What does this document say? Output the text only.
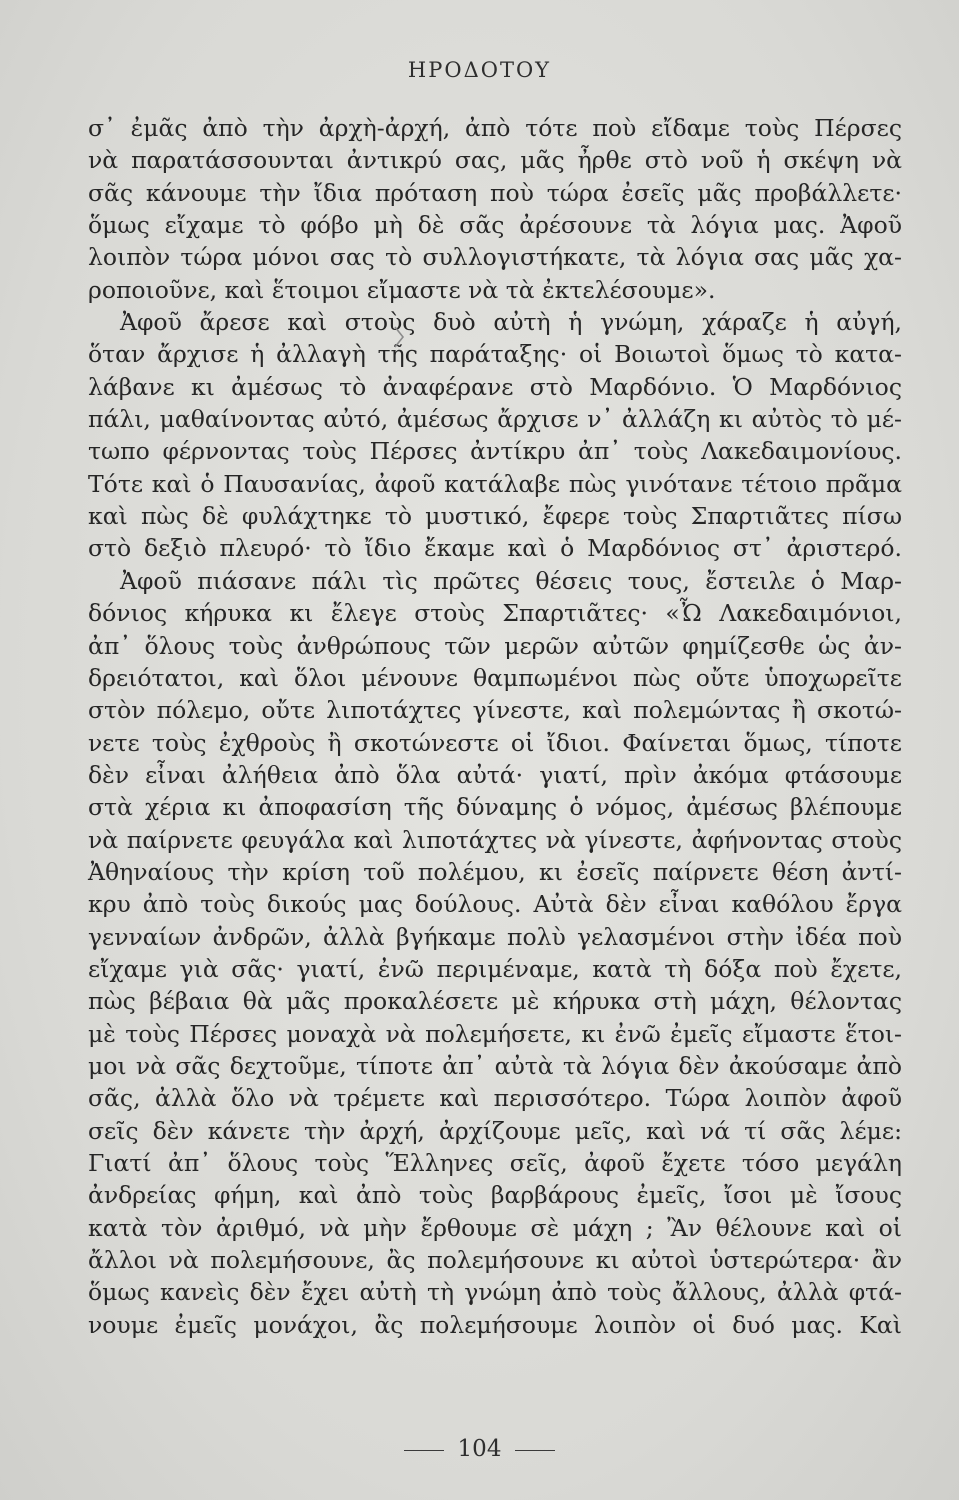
ΗΡΟΔΟΤΟΥ
σ᾿ ἐμᾶς ἀπὸ τὴν ἀρχὴ-ἀρχή, ἀπὸ τότε ποὺ εἴδαμε τοὺς Πέρσες
νὰ παρατάσσουνται ἀντικρύ σας, μᾶς ἦρθε στὸ νοῦ ἡ σκέψη νὰ
σᾶς κάνουμε τὴν ἴδια πρόταση ποὺ τώρα ἐσεῖς μᾶς προβάλλετε·
ὅμως εἴχαμε τὸ φόβο μὴ δὲ σᾶς ἀρέσουνε τὰ λόγια μας. Ἀφοῦ
λοιπὸν τώρα μόνοι σας τὸ συλλογιστήκατε, τὰ λόγια σας μᾶς χα-
ροποιοῦνε, καὶ ἕτοιμοι εἴμαστε νὰ τὰ ἐκτελέσουμε».
Ἀφοῦ ἄρεσε καὶ στοὺς δυὸ αὐτὴ ἡ γνώμη, χάραζε ἡ αὐγή,
ὅταν ἄρχισε ἡ ἀλλαγὴ τῆς παράταξης· οἱ Βοιωτοὶ ὅμως τὸ κατα-
λάβανε κι ἀμέσως τὸ ἀναφέρανε στὸ Μαρδόνιο. Ὁ Μαρδόνιος
πάλι, μαθαίνοντας αὐτό, ἀμέσως ἄρχισε ν᾿ ἀλλάζη κι αὐτὸς τὸ μέ-
τωπο φέρνοντας τοὺς Πέρσες ἀντίκρυ ἀπ᾿ τοὺς Λακεδαιμονίους.
Τότε καὶ ὁ Παυσανίας, ἀφοῦ κατάλαβε πὼς γινότανε τέτοιο πρᾶμα
καὶ πὼς δὲ φυλάχτηκε τὸ μυστικό, ἔφερε τοὺς Σπαρτιᾶτες πίσω
στὸ δεξιὸ πλευρό· τὸ ἴδιο ἔκαμε καὶ ὁ Μαρδόνιος στ᾿ ἀριστερό.
Ἀφοῦ πιάσανε πάλι τὶς πρῶτες θέσεις τους, ἔστειλε ὁ Μαρ-
δόνιος κήρυκα κι ἔλεγε στοὺς Σπαρτιᾶτες· «Ὦ Λακεδαιμόνιοι,
ἀπ᾿ ὅλους τοὺς ἀνθρώπους τῶν μερῶν αὐτῶν φημίζεσθε ὡς ἀν-
δρειότατοι, καὶ ὅλοι μένουνε θαμπωμένοι πὼς οὔτε ὑποχωρεῖτε
στὸν πόλεμο, οὔτε λιποτάχτες γίνεστε, καὶ πολεμώντας ἢ σκοτώ-
νετε τοὺς ἐχθροὺς ἢ σκοτώνεστε οἱ ἴδιοι. Φαίνεται ὅμως, τίποτε
δὲν εἶναι ἀλήθεια ἀπὸ ὅλα αὐτά· γιατί, πρὶν ἀκόμα φτάσουμε
στὰ χέρια κι ἀποφασίση τῆς δύναμης ὁ νόμος, ἀμέσως βλέπουμε
νὰ παίρνετε φευγάλα καὶ λιποτάχτες νὰ γίνεστε, ἀφήνοντας στοὺς
Ἀθηναίους τὴν κρίση τοῦ πολέμου, κι ἐσεῖς παίρνετε θέση ἀντί-
κρυ ἀπὸ τοὺς δικούς μας δούλους. Αὐτὰ δὲν εἶναι καθόλου ἔργα
γενναίων ἀνδρῶν, ἀλλὰ βγήκαμε πολὺ γελασμένοι στὴν ἰδέα ποὺ
εἴχαμε γιὰ σᾶς· γιατί, ἐνῶ περιμέναμε, κατὰ τὴ δόξα ποὺ ἔχετε,
πὼς βέβαια θὰ μᾶς προκαλέσετε μὲ κήρυκα στὴ μάχη, θέλοντας
μὲ τοὺς Πέρσες μοναχὰ νὰ πολεμήσετε, κι ἐνῶ ἐμεῖς εἴμαστε ἕτοι-
μοι νὰ σᾶς δεχτοῦμε, τίποτε ἀπ᾿ αὐτὰ τὰ λόγια δὲν ἀκούσαμε ἀπὸ
σᾶς, ἀλλὰ ὅλο νὰ τρέμετε καὶ περισσότερο. Τώρα λοιπὸν ἀφοῦ
σεῖς δὲν κάνετε τὴν ἀρχή, ἀρχίζουμε μεῖς, καὶ νά τί σᾶς λέμε:
Γιατί ἀπ᾿ ὅλους τοὺς Ἕλληνες σεῖς, ἀφοῦ ἔχετε τόσο μεγάλη
ἀνδρείας φήμη, καὶ ἀπὸ τοὺς βαρβάρους ἐμεῖς, ἴσοι μὲ ἴσους
κατὰ τὸν ἀριθμό, νὰ μὴν ἔρθουμε σὲ μάχη ; Ἂν θέλουνε καὶ οἱ
ἄλλοι νὰ πολεμήσουνε, ἂς πολεμήσουνε κι αὐτοὶ ὑστερώτερα· ἂν
ὅμως κανεὶς δὲν ἔχει αὐτὴ τὴ γνώμη ἀπὸ τοὺς ἄλλους, ἀλλὰ φτά-
νουμε ἐμεῖς μονάχοι, ἂς πολεμήσουμε λοιπὸν οἱ δυό μας. Καὶ
104
